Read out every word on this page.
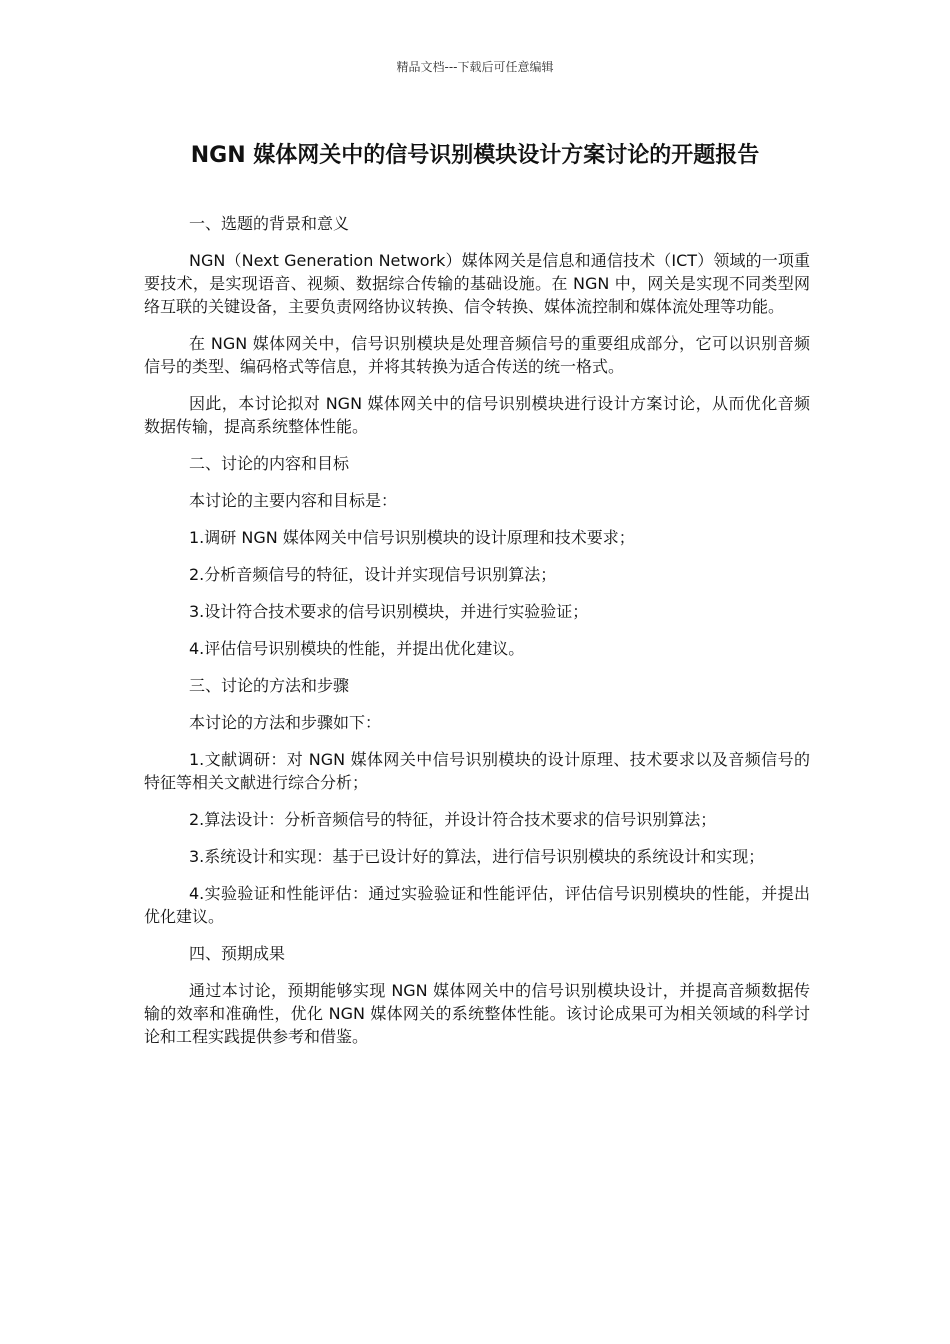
精品文档---下载后可任意编辑
NGN 媒体网关中的信号识别模块设计方案讨论的开题报告

一、选题的背景和意义

NGN（Next Generation Network）媒体网关是信息和通信技术（ICT）领域的一项重要技术，是实现语音、视频、数据综合传输的基础设施。在 NGN 中，网关是实现不同类型网络互联的关键设备，主要负责网络协议转换、信令转换、媒体流控制和媒体流处理等功能。

在 NGN 媒体网关中，信号识别模块是处理音频信号的重要组成部分，它可以识别音频信号的类型、编码格式等信息，并将其转换为适合传送的统一格式。

因此，本讨论拟对 NGN 媒体网关中的信号识别模块进行设计方案讨论，从而优化音频数据传输，提高系统整体性能。

二、讨论的内容和目标

本讨论的主要内容和目标是：

1.调研 NGN 媒体网关中信号识别模块的设计原理和技术要求；

2.分析音频信号的特征，设计并实现信号识别算法；

3.设计符合技术要求的信号识别模块，并进行实验验证；

4.评估信号识别模块的性能，并提出优化建议。

三、讨论的方法和步骤

本讨论的方法和步骤如下：

1.文献调研：对 NGN 媒体网关中信号识别模块的设计原理、技术要求以及音频信号的特征等相关文献进行综合分析；

2.算法设计：分析音频信号的特征，并设计符合技术要求的信号识别算法；

3.系统设计和实现：基于已设计好的算法，进行信号识别模块的系统设计和实现；

4.实验验证和性能评估：通过实验验证和性能评估，评估信号识别模块的性能，并提出优化建议。

四、预期成果

通过本讨论，预期能够实现 NGN 媒体网关中的信号识别模块设计，并提高音频数据传输的效率和准确性，优化 NGN 媒体网关的系统整体性能。该讨论成果可为相关领域的科学讨论和工程实践提供参考和借鉴。
